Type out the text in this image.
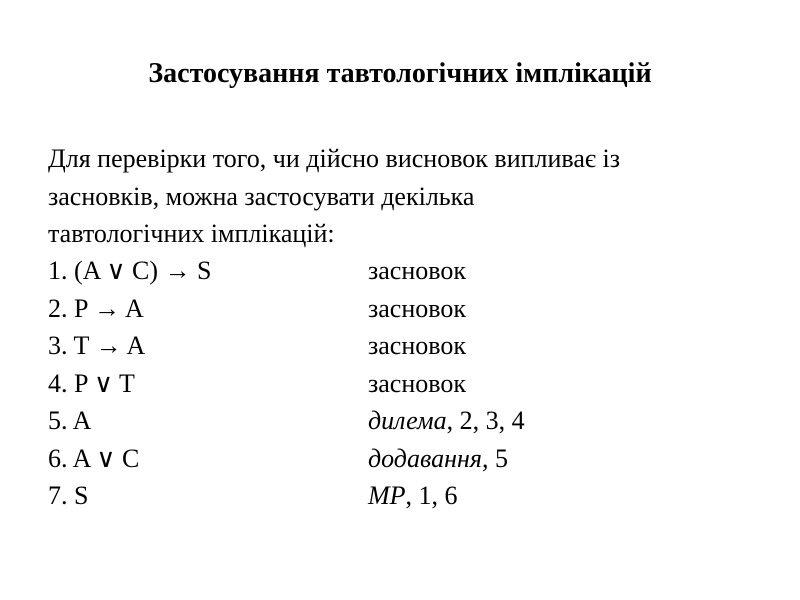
Застосування тавтологічних імплікацій
Для перевірки того, чи дійсно висновок випливає із
засновків, можна застосувати декілька
тавтологічних імплікацій:
1. (A ∨ C) → S	засновок
2. P → A	засновок
3. T → A	засновок
4. P ∨ T	засновок
5. A	дилема, 2, 3, 4
6. A ∨ C	додавання, 5
7. S	MP, 1, 6
